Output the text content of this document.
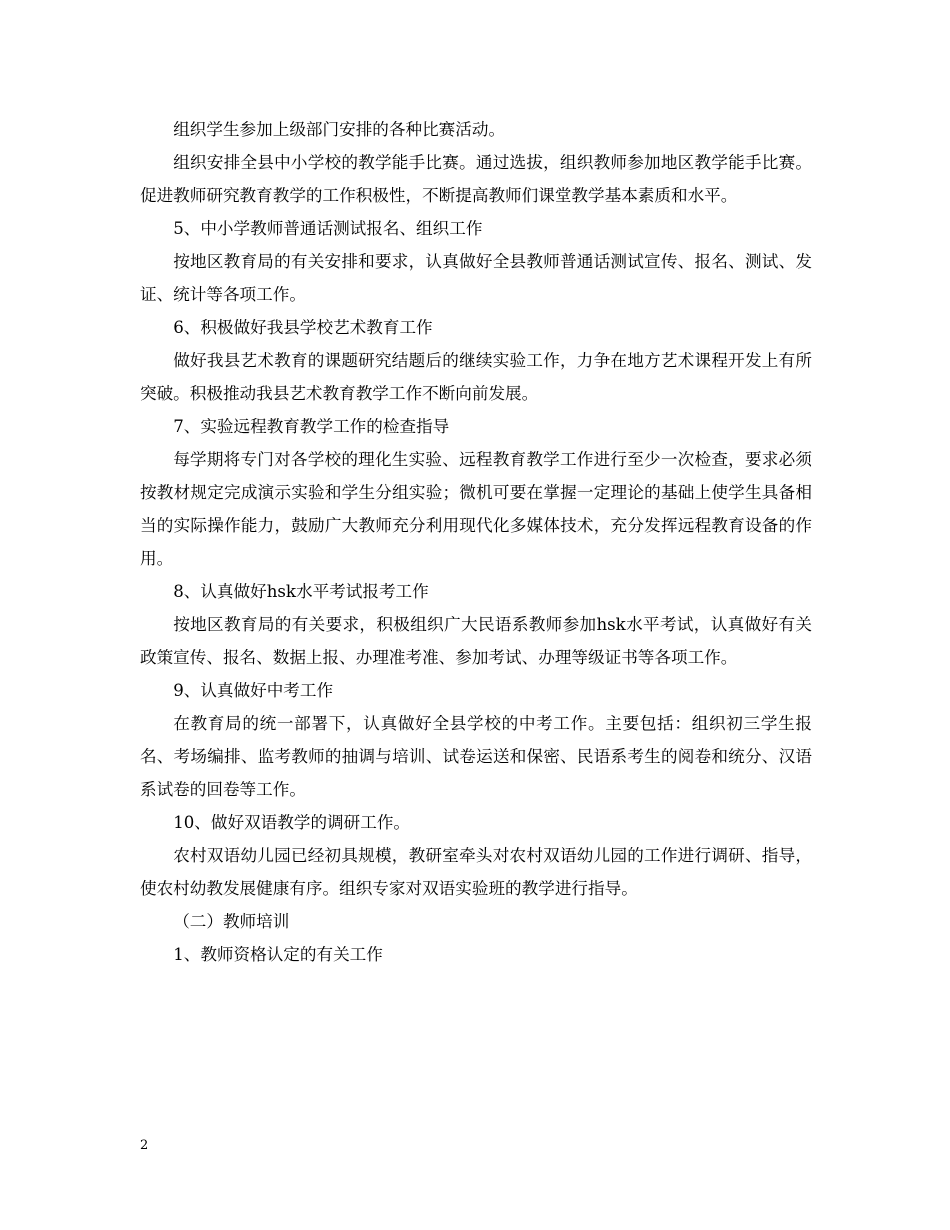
组织学生参加上级部门安排的各种比赛活动。

组织安排全县中小学校的教学能手比赛。通过选拔，组织教师参加地区教学能手比赛。促进教师研究教育教学的工作积极性，不断提高教师们课堂教学基本素质和水平。

5、中小学教师普通话测试报名、组织工作

按地区教育局的有关安排和要求，认真做好全县教师普通话测试宣传、报名、测试、发证、统计等各项工作。

6、积极做好我县学校艺术教育工作

做好我县艺术教育的课题研究结题后的继续实验工作，力争在地方艺术课程开发上有所突破。积极推动我县艺术教育教学工作不断向前发展。

7、实验远程教育教学工作的检查指导

每学期将专门对各学校的理化生实验、远程教育教学工作进行至少一次检查，要求必须按教材规定完成演示实验和学生分组实验；微机可要在掌握一定理论的基础上使学生具备相当的实际操作能力，鼓励广大教师充分利用现代化多媒体技术，充分发挥远程教育设备的作用。

8、认真做好hsk水平考试报考工作

按地区教育局的有关要求，积极组织广大民语系教师参加hsk水平考试，认真做好有关政策宣传、报名、数据上报、办理准考准、参加考试、办理等级证书等各项工作。

9、认真做好中考工作

在教育局的统一部署下，认真做好全县学校的中考工作。主要包括：组织初三学生报名、考场编排、监考教师的抽调与培训、试卷运送和保密、民语系考生的阅卷和统分、汉语系试卷的回卷等工作。

10、做好双语教学的调研工作。

农村双语幼儿园已经初具规模，教研室牵头对农村双语幼儿园的工作进行调研、指导，使农村幼教发展健康有序。组织专家对双语实验班的教学进行指导。

（二）教师培训

1、教师资格认定的有关工作

2
